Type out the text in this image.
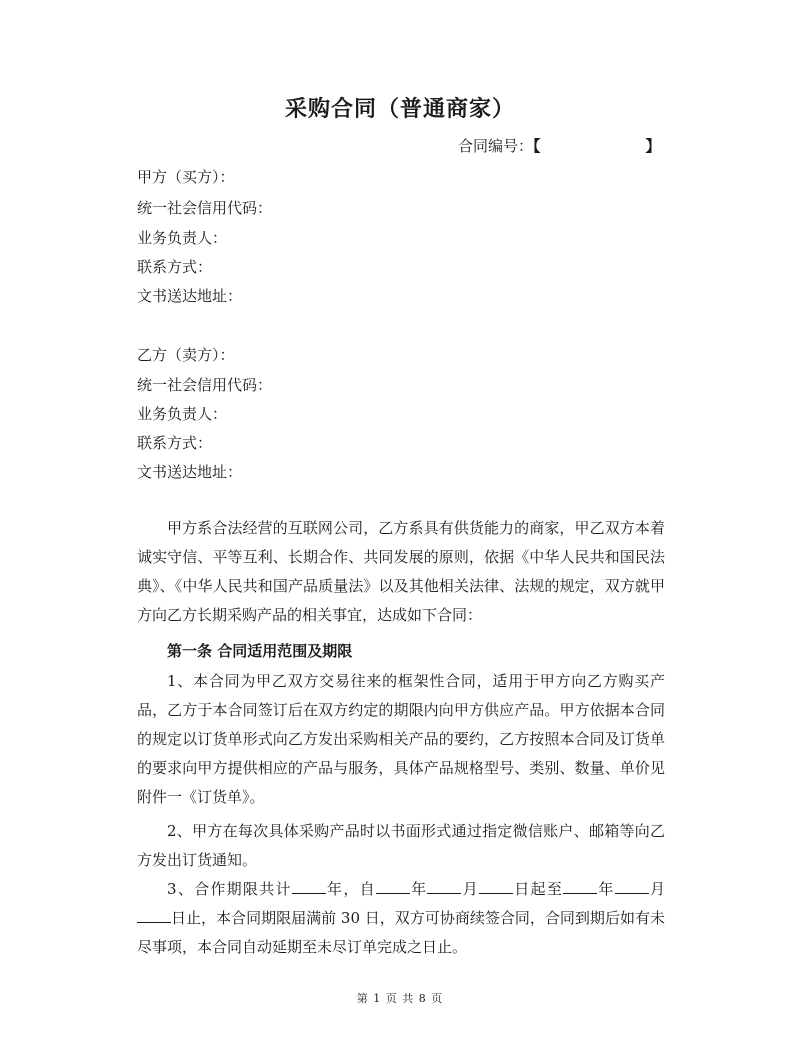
采购合同（普通商家）
合同编号：【	】
甲方（买方）：
统一社会信用代码：
业务负责人：
联系方式：
文书送达地址：
乙方（卖方）：
统一社会信用代码：
业务负责人：
联系方式：
文书送达地址：

甲方系合法经营的互联网公司，乙方系具有供货能力的商家，甲乙双方本着诚实守信、平等互利、长期合作、共同发展的原则，依据《中华人民共和国民法典》、《中华人民共和国产品质量法》以及其他相关法律、法规的规定，双方就甲方向乙方长期采购产品的相关事宜，达成如下合同：

第一条 合同适用范围及期限

1、本合同为甲乙双方交易往来的框架性合同，适用于甲方向乙方购买产品，乙方于本合同签订后在双方约定的期限内向甲方供应产品。甲方依据本合同的规定以订货单形式向乙方发出采购相关产品的要约，乙方按照本合同及订货单的要求向甲方提供相应的产品与服务，具体产品规格型号、类别、数量、单价见附件一《订货单》。

2、甲方在每次具体采购产品时以书面形式通过指定微信账户、邮箱等向乙方发出订货通知。

3、合作期限共计 年，自 年 月 日起至 年 月日止，本合同期限届满前 30 日，双方可协商续签合同，合同到期后如有未尽事项，本合同自动延期至未尽订单完成之日止。

第 1 页 共 8 页
